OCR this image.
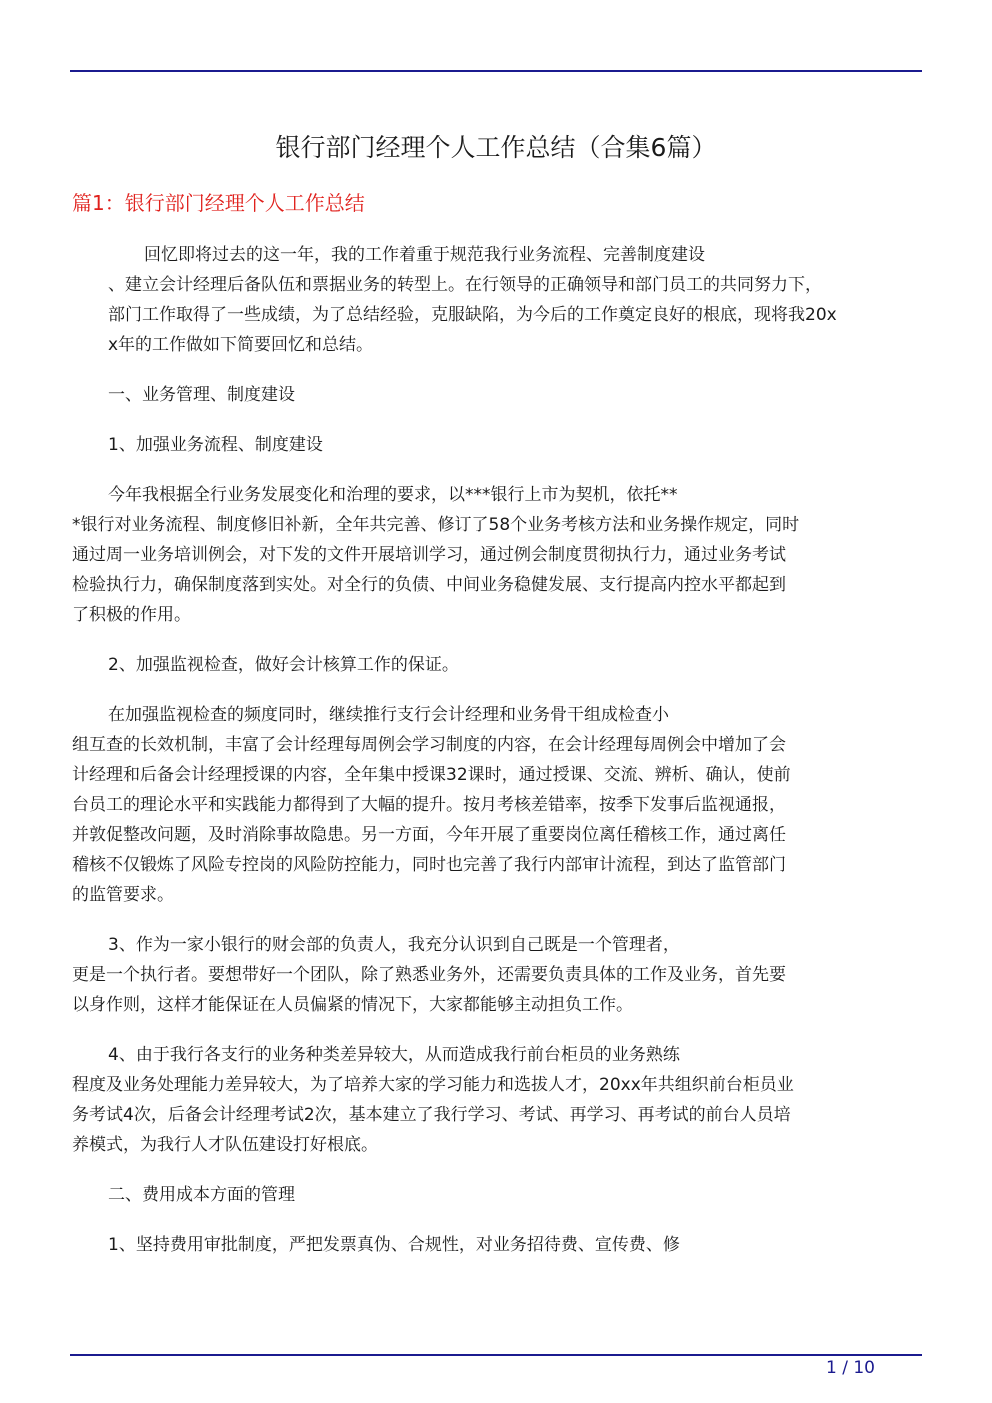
银行部门经理个人工作总结（合集6篇）
篇1：银行部门经理个人工作总结

回忆即将过去的这一年，我的工作着重于规范我行业务流程、完善制度建设
、建立会计经理后备队伍和票据业务的转型上。在行领导的正确领导和部门员工的共同努力下，
部门工作取得了一些成绩，为了总结经验，克服缺陷，为今后的工作奠定良好的根底，现将我20x
x年的工作做如下简要回忆和总结。

一、业务管理、制度建设

1、加强业务流程、制度建设

今年我根据全行业务发展变化和治理的要求，以***银行上市为契机，依托**
*银行对业务流程、制度修旧补新，全年共完善、修订了58个业务考核方法和业务操作规定，同时
通过周一业务培训例会，对下发的文件开展培训学习，通过例会制度贯彻执行力，通过业务考试
检验执行力，确保制度落到实处。对全行的负债、中间业务稳健发展、支行提高内控水平都起到
了积极的作用。

2、加强监视检查，做好会计核算工作的保证。

在加强监视检查的频度同时，继续推行支行会计经理和业务骨干组成检查小
组互查的长效机制，丰富了会计经理每周例会学习制度的内容，在会计经理每周例会中增加了会
计经理和后备会计经理授课的内容，全年集中授课32课时，通过授课、交流、辨析、确认，使前
台员工的理论水平和实践能力都得到了大幅的提升。按月考核差错率，按季下发事后监视通报，
并敦促整改问题，及时消除事故隐患。另一方面，今年开展了重要岗位离任稽核工作，通过离任
稽核不仅锻炼了风险专控岗的风险防控能力，同时也完善了我行内部审计流程，到达了监管部门
的监管要求。

3、作为一家小银行的财会部的负责人，我充分认识到自己既是一个管理者，
更是一个执行者。要想带好一个团队，除了熟悉业务外，还需要负责具体的工作及业务，首先要
以身作则，这样才能保证在人员偏紧的情况下，大家都能够主动担负工作。

4、由于我行各支行的业务种类差异较大，从而造成我行前台柜员的业务熟练
程度及业务处理能力差异较大，为了培养大家的学习能力和选拔人才，20xx年共组织前台柜员业
务考试4次，后备会计经理考试2次，基本建立了我行学习、考试、再学习、再考试的前台人员培
养模式，为我行人才队伍建设打好根底。

二、费用成本方面的管理

1、坚持费用审批制度，严把发票真伪、合规性，对业务招待费、宣传费、修

1 / 10
